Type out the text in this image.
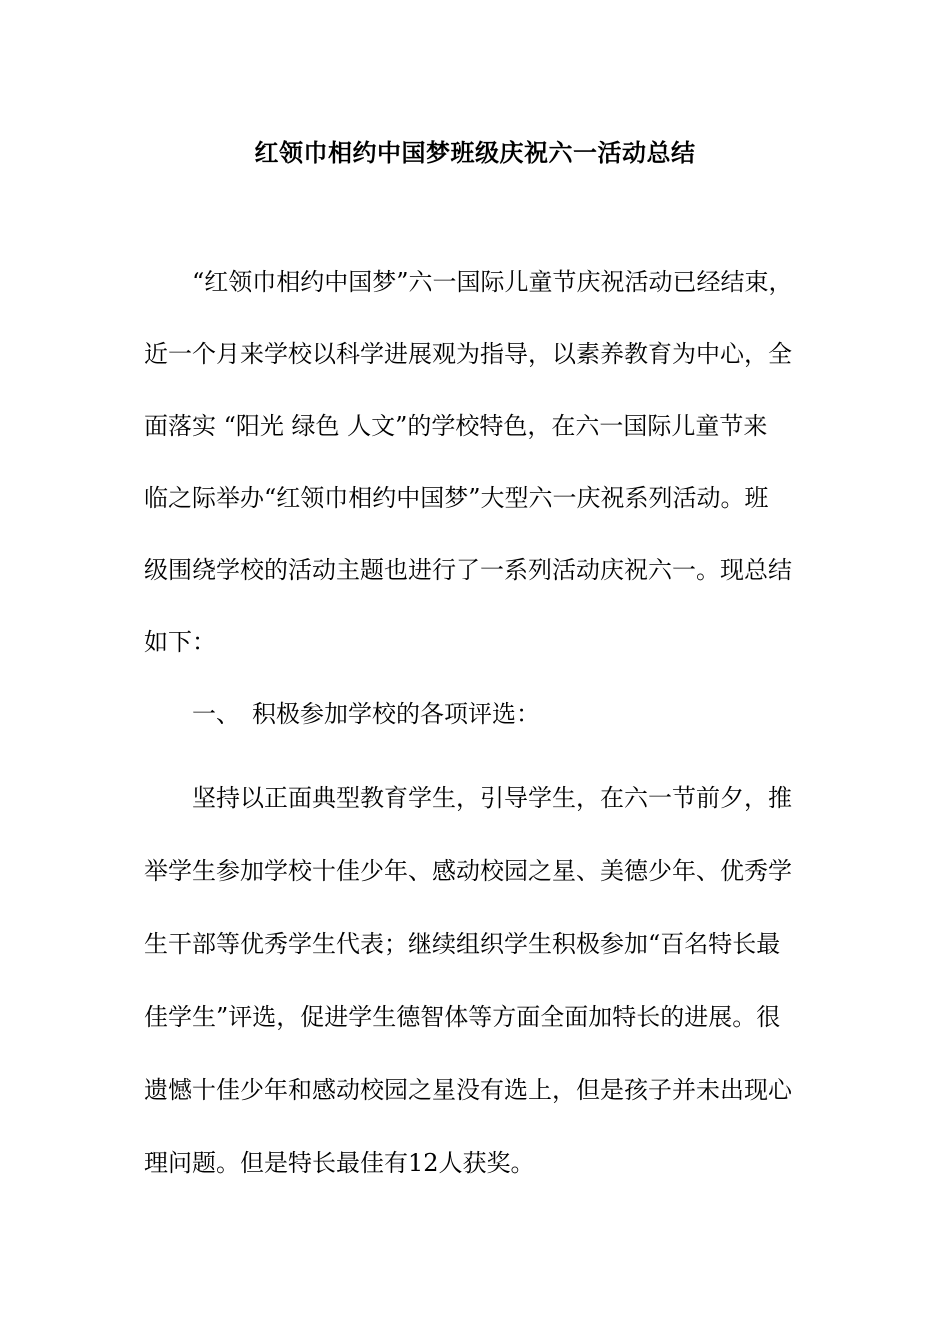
红领巾相约中国梦班级庆祝六一活动总结
　　“红领巾相约中国梦”六一国际儿童节庆祝活动已经结束，
近一个月来学校以科学进展观为指导，以素养教育为中心，全
面落实 “阳光 绿色 人文”的学校特色，在六一国际儿童节来
临之际举办“红领巾相约中国梦”大型六一庆祝系列活动。班
级围绕学校的活动主题也进行了一系列活动庆祝六一。现总结
如下：
　　一、　积极参加学校的各项评选：
　　坚持以正面典型教育学生，引导学生，在六一节前夕，推
举学生参加学校十佳少年、感动校园之星、美德少年、优秀学
生干部等优秀学生代表；继续组织学生积极参加“百名特长最
佳学生”评选，促进学生德智体等方面全面加特长的进展。很
遗憾十佳少年和感动校园之星没有选上，但是孩子并未出现心
理问题。但是特长最佳有12人获奖。
